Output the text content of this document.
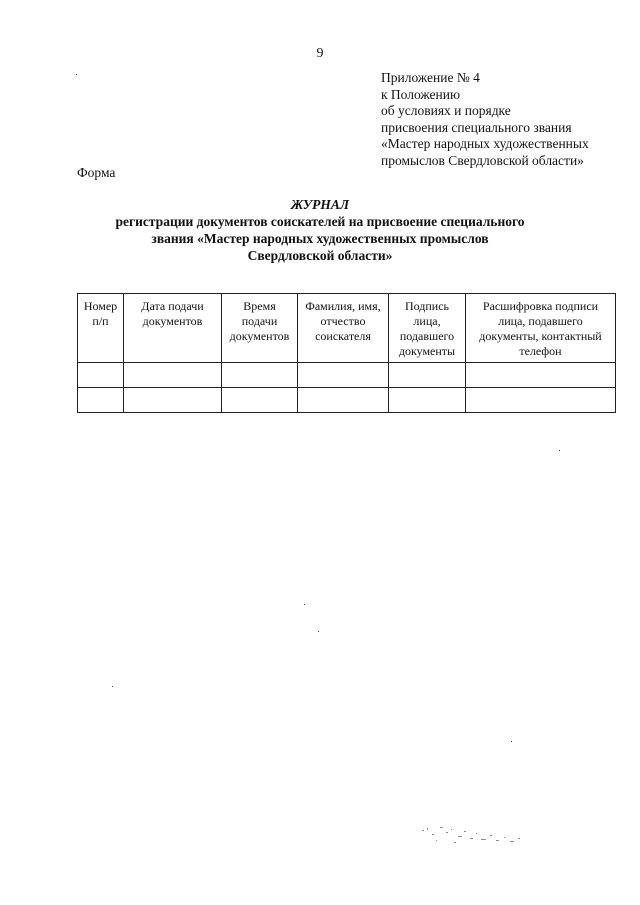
9
Приложение № 4
к Положению
об условиях и порядке
присвоения специального звания
«Мастер народных художественных
промыслов Свердловской области»
Форма
ЖУРНАЛ
регистрации документов соискателей на присвоение специального
звания «Мастер народных художественных промыслов
Свердловской области»
Номер п/п	Дата подачи документов	Время подачи документов	Фамилия, имя, отчество соискателя	Подпись лица, подавшего документы	Расшифровка подписи лица, подавшего документы, контактный телефон
